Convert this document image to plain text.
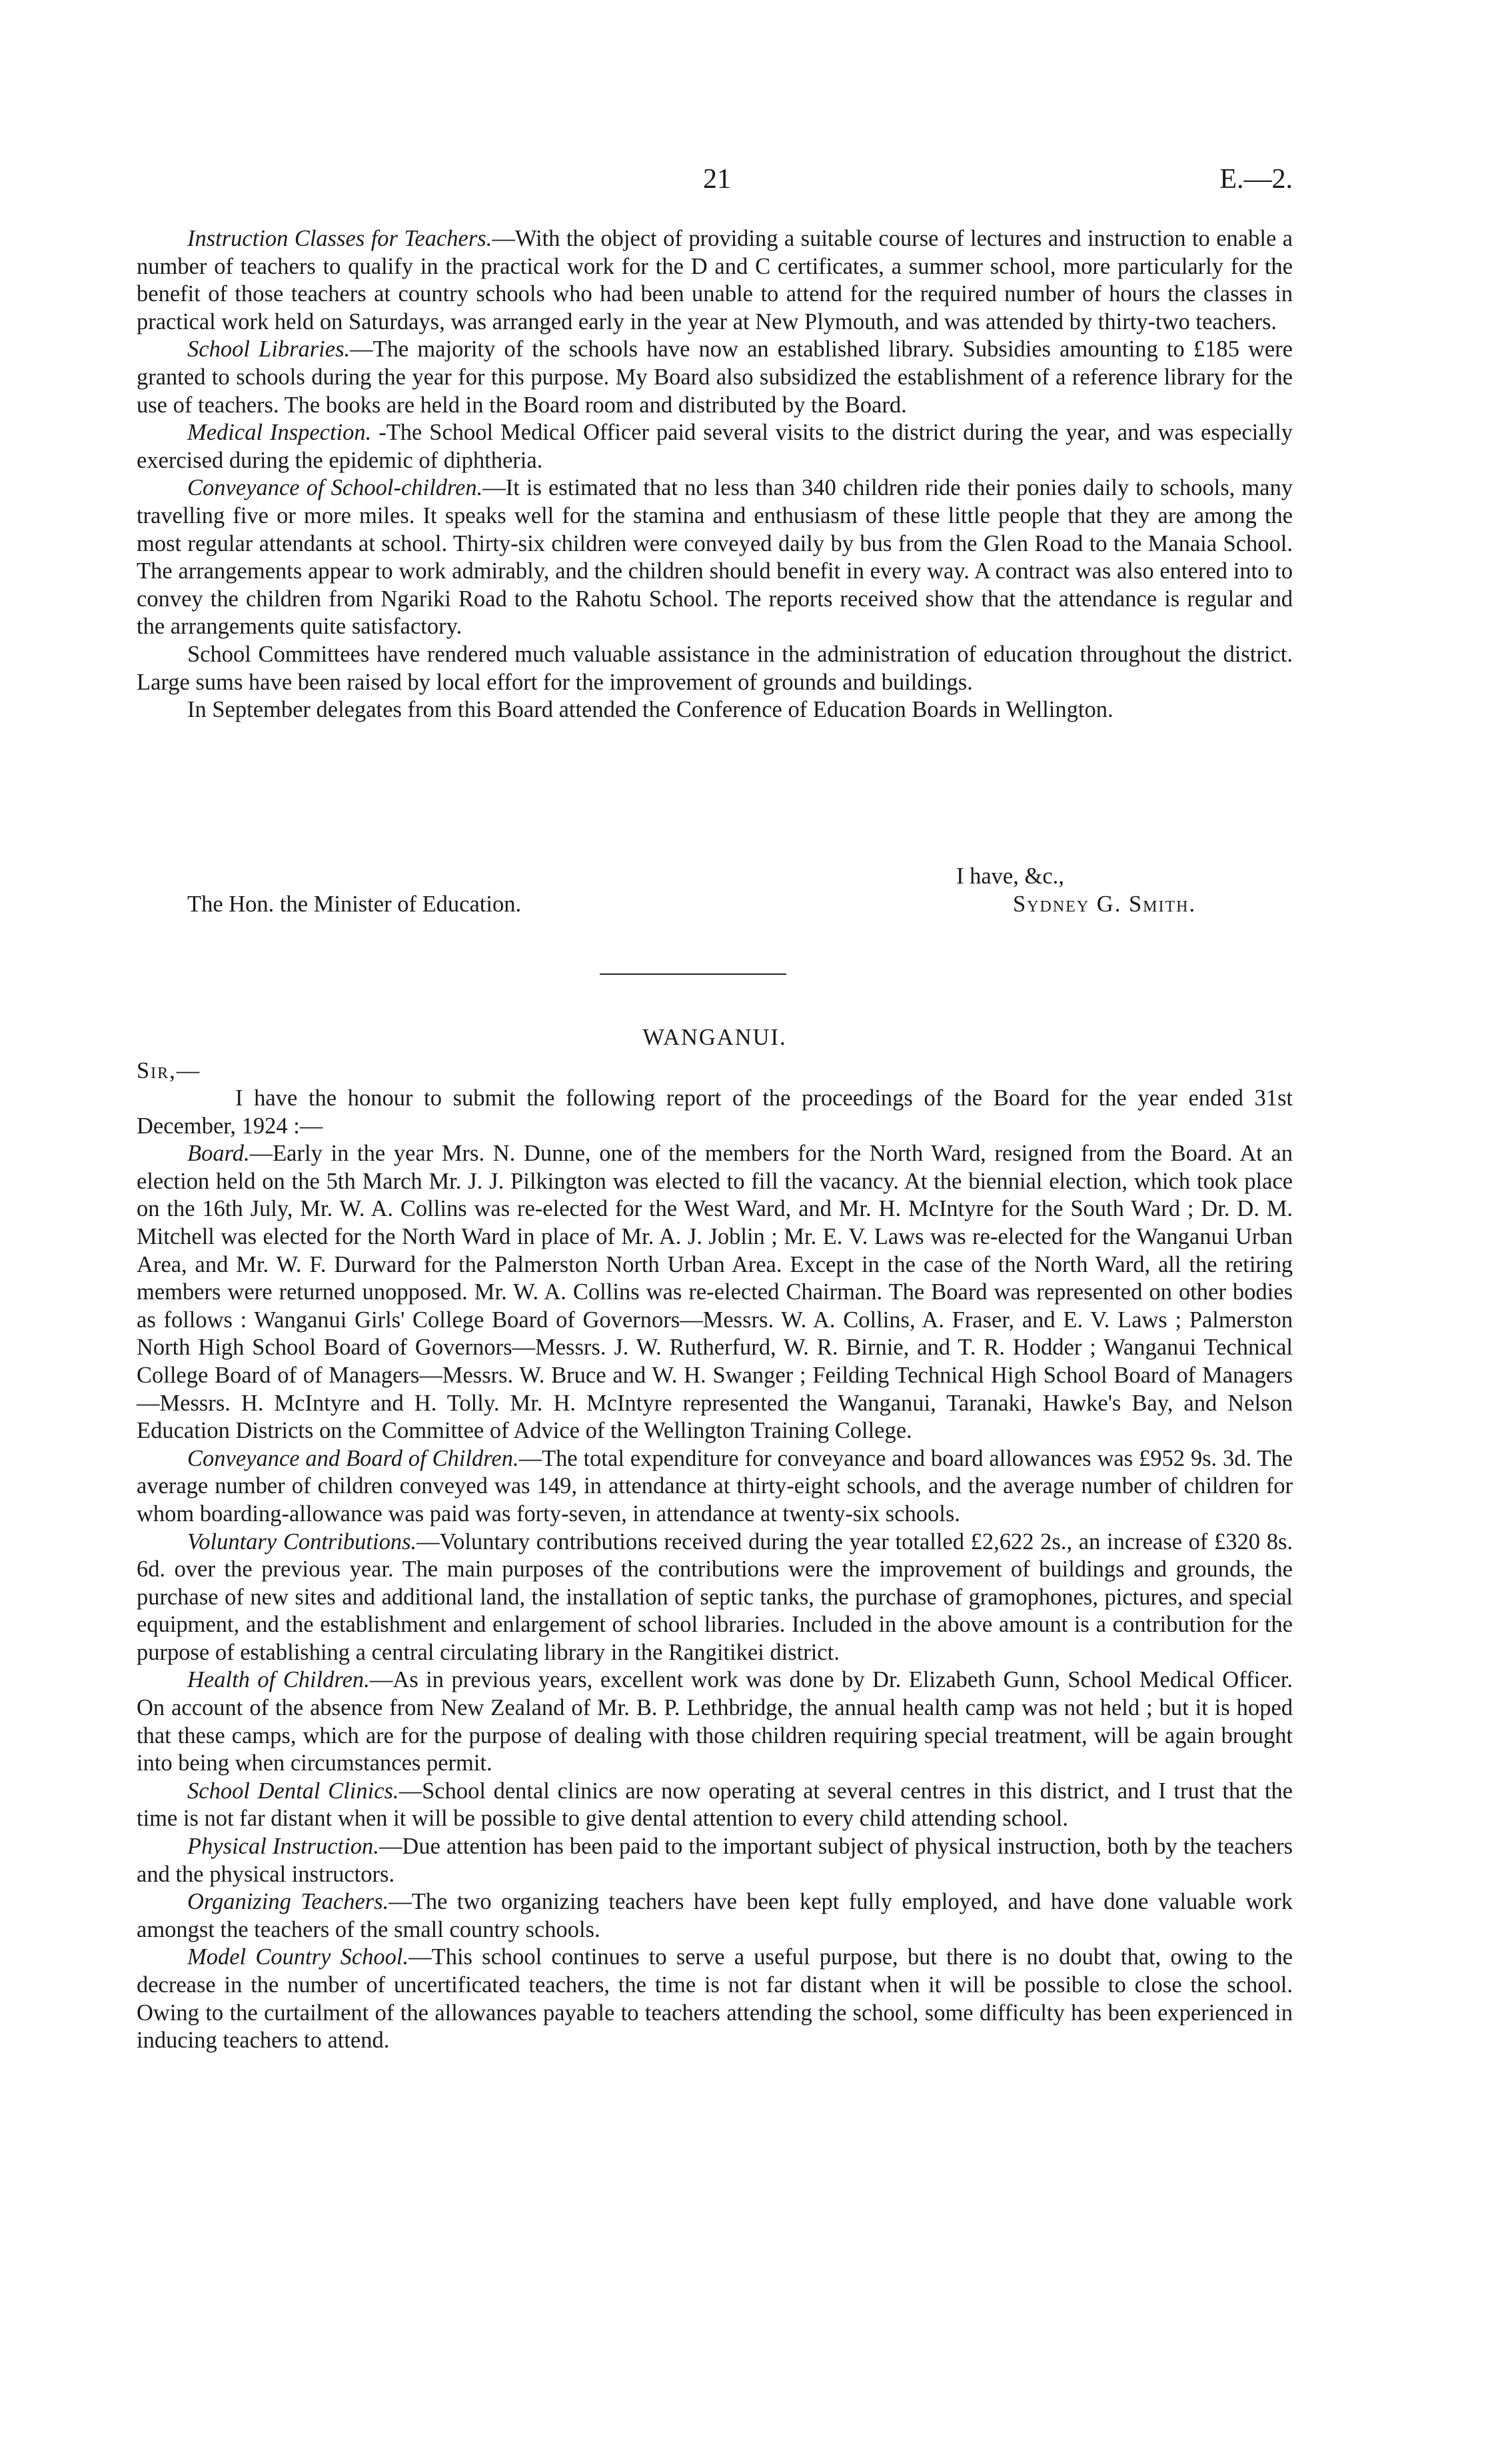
21	E.—2.

Instruction Classes for Teachers.—With the object of providing a suitable course of lectures and instruction to enable a number of teachers to qualify in the practical work for the D and C certificates, a summer school, more particularly for the benefit of those teachers at country schools who had been unable to attend for the required number of hours the classes in practical work held on Saturdays, was arranged early in the year at New Plymouth, and was attended by thirty-two teachers.

School Libraries.—The majority of the schools have now an established library. Subsidies amounting to £185 were granted to schools during the year for this purpose. My Board also subsidized the establishment of a reference library for the use of teachers. The books are held in the Board room and distributed by the Board.

Medical Inspection. -The School Medical Officer paid several visits to the district during the year, and was especially exercised during the epidemic of diphtheria.

Conveyance of School-children.—It is estimated that no less than 340 children ride their ponies daily to schools, many travelling five or more miles. It speaks well for the stamina and enthusiasm of these little people that they are among the most regular attendants at school. Thirty-six children were conveyed daily by bus from the Glen Road to the Manaia School. The arrangements appear to work admirably, and the children should benefit in every way. A contract was also entered into to convey the children from Ngariki Road to the Rahotu School. The reports received show that the attendance is regular and the arrangements quite satisfactory.

School Committees have rendered much valuable assistance in the administration of education throughout the district. Large sums have been raised by local effort for the improvement of grounds and buildings.

In September delegates from this Board attended the Conference of Education Boards in Wellington.

I have, &c.,
The Hon. the Minister of Education.	Sydney G. Smith.
WANGANUI.
Sir,—

I have the honour to submit the following report of the proceedings of the Board for the year ended 31st December, 1924 :—

Board.—Early in the year Mrs. N. Dunne, one of the members for the North Ward, resigned from the Board. At an election held on the 5th March Mr. J. J. Pilkington was elected to fill the vacancy. At the biennial election, which took place on the 16th July, Mr. W. A. Collins was re-elected for the West Ward, and Mr. H. McIntyre for the South Ward ; Dr. D. M. Mitchell was elected for the North Ward in place of Mr. A. J. Joblin ; Mr. E. V. Laws was re-elected for the Wanganui Urban Area, and Mr. W. F. Durward for the Palmerston North Urban Area. Except in the case of the North Ward, all the retiring members were returned unopposed. Mr. W. A. Collins was re-elected Chairman. The Board was represented on other bodies as follows : Wanganui Girls' College Board of Governors—Messrs. W. A. Collins, A. Fraser, and E. V. Laws ; Palmerston North High School Board of Governors—Messrs. J. W. Rutherfurd, W. R. Birnie, and T. R. Hodder ; Wanganui Technical College Board of of Managers—Messrs. W. Bruce and W. H. Swanger ; Feilding Technical High School Board of Managers—Messrs. H. McIntyre and H. Tolly. Mr. H. McIntyre represented the Wanganui, Taranaki, Hawke's Bay, and Nelson Education Districts on the Committee of Advice of the Wellington Training College.

Conveyance and Board of Children.—The total expenditure for conveyance and board allowances was £952 9s. 3d. The average number of children conveyed was 149, in attendance at thirty-eight schools, and the average number of children for whom boarding-allowance was paid was forty-seven, in attendance at twenty-six schools.

Voluntary Contributions.—Voluntary contributions received during the year totalled £2,622 2s., an increase of £320 8s. 6d. over the previous year. The main purposes of the contributions were the improvement of buildings and grounds, the purchase of new sites and additional land, the installation of septic tanks, the purchase of gramophones, pictures, and special equipment, and the establishment and enlargement of school libraries. Included in the above amount is a contribution for the purpose of establishing a central circulating library in the Rangitikei district.

Health of Children.—As in previous years, excellent work was done by Dr. Elizabeth Gunn, School Medical Officer. On account of the absence from New Zealand of Mr. B. P. Lethbridge, the annual health camp was not held ; but it is hoped that these camps, which are for the purpose of dealing with those children requiring special treatment, will be again brought into being when circumstances permit.

School Dental Clinics.—School dental clinics are now operating at several centres in this district, and I trust that the time is not far distant when it will be possible to give dental attention to every child attending school.

Physical Instruction.—Due attention has been paid to the important subject of physical instruction, both by the teachers and the physical instructors.

Organizing Teachers.—The two organizing teachers have been kept fully employed, and have done valuable work amongst the teachers of the small country schools.

Model Country School.—This school continues to serve a useful purpose, but there is no doubt that, owing to the decrease in the number of uncertificated teachers, the time is not far distant when it will be possible to close the school. Owing to the curtailment of the allowances payable to teachers attending the school, some difficulty has been experienced in inducing teachers to attend.
